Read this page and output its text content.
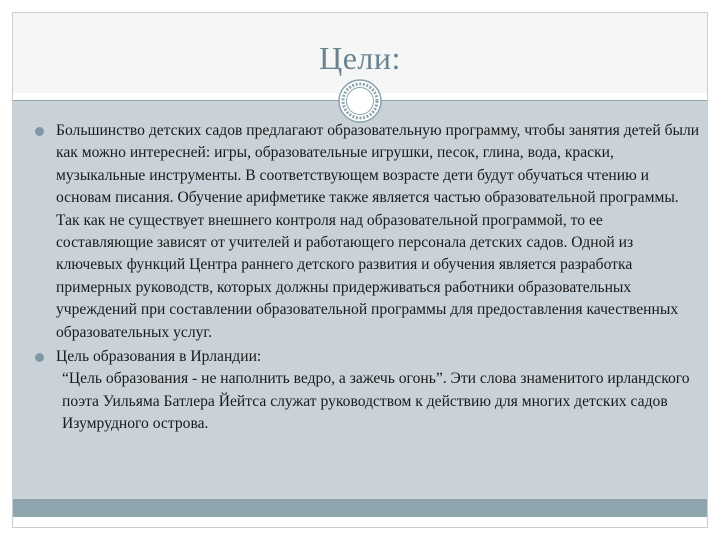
Цели:
Большинство детских садов предлагают образовательную программу, чтобы занятия детей были как можно интересней: игры, образовательные игрушки, песок, глина, вода, краски, музыкальные инструменты. В соответствующем возрасте дети будут обучаться чтению и основам писания. Обучение арифметике также является частью образовательной программы. Так как не существует внешнего контроля над образовательной программой, то ее составляющие зависят от учителей и работающего персонала детских садов. Одной из ключевых функций Центра раннего детского развития и обучения является разработка примерных руководств, которых должны придерживаться работники образовательных учреждений при составлении образовательной программы для предоставления качественных образовательных услуг.
Цель образования в Ирландии:
“Цель образования - не наполнить ведро, а зажечь огонь”. Эти слова знаменитого ирландского поэта Уильяма Батлера Йейтса служат руководством к действию для многих детских садов Изумрудного острова.
